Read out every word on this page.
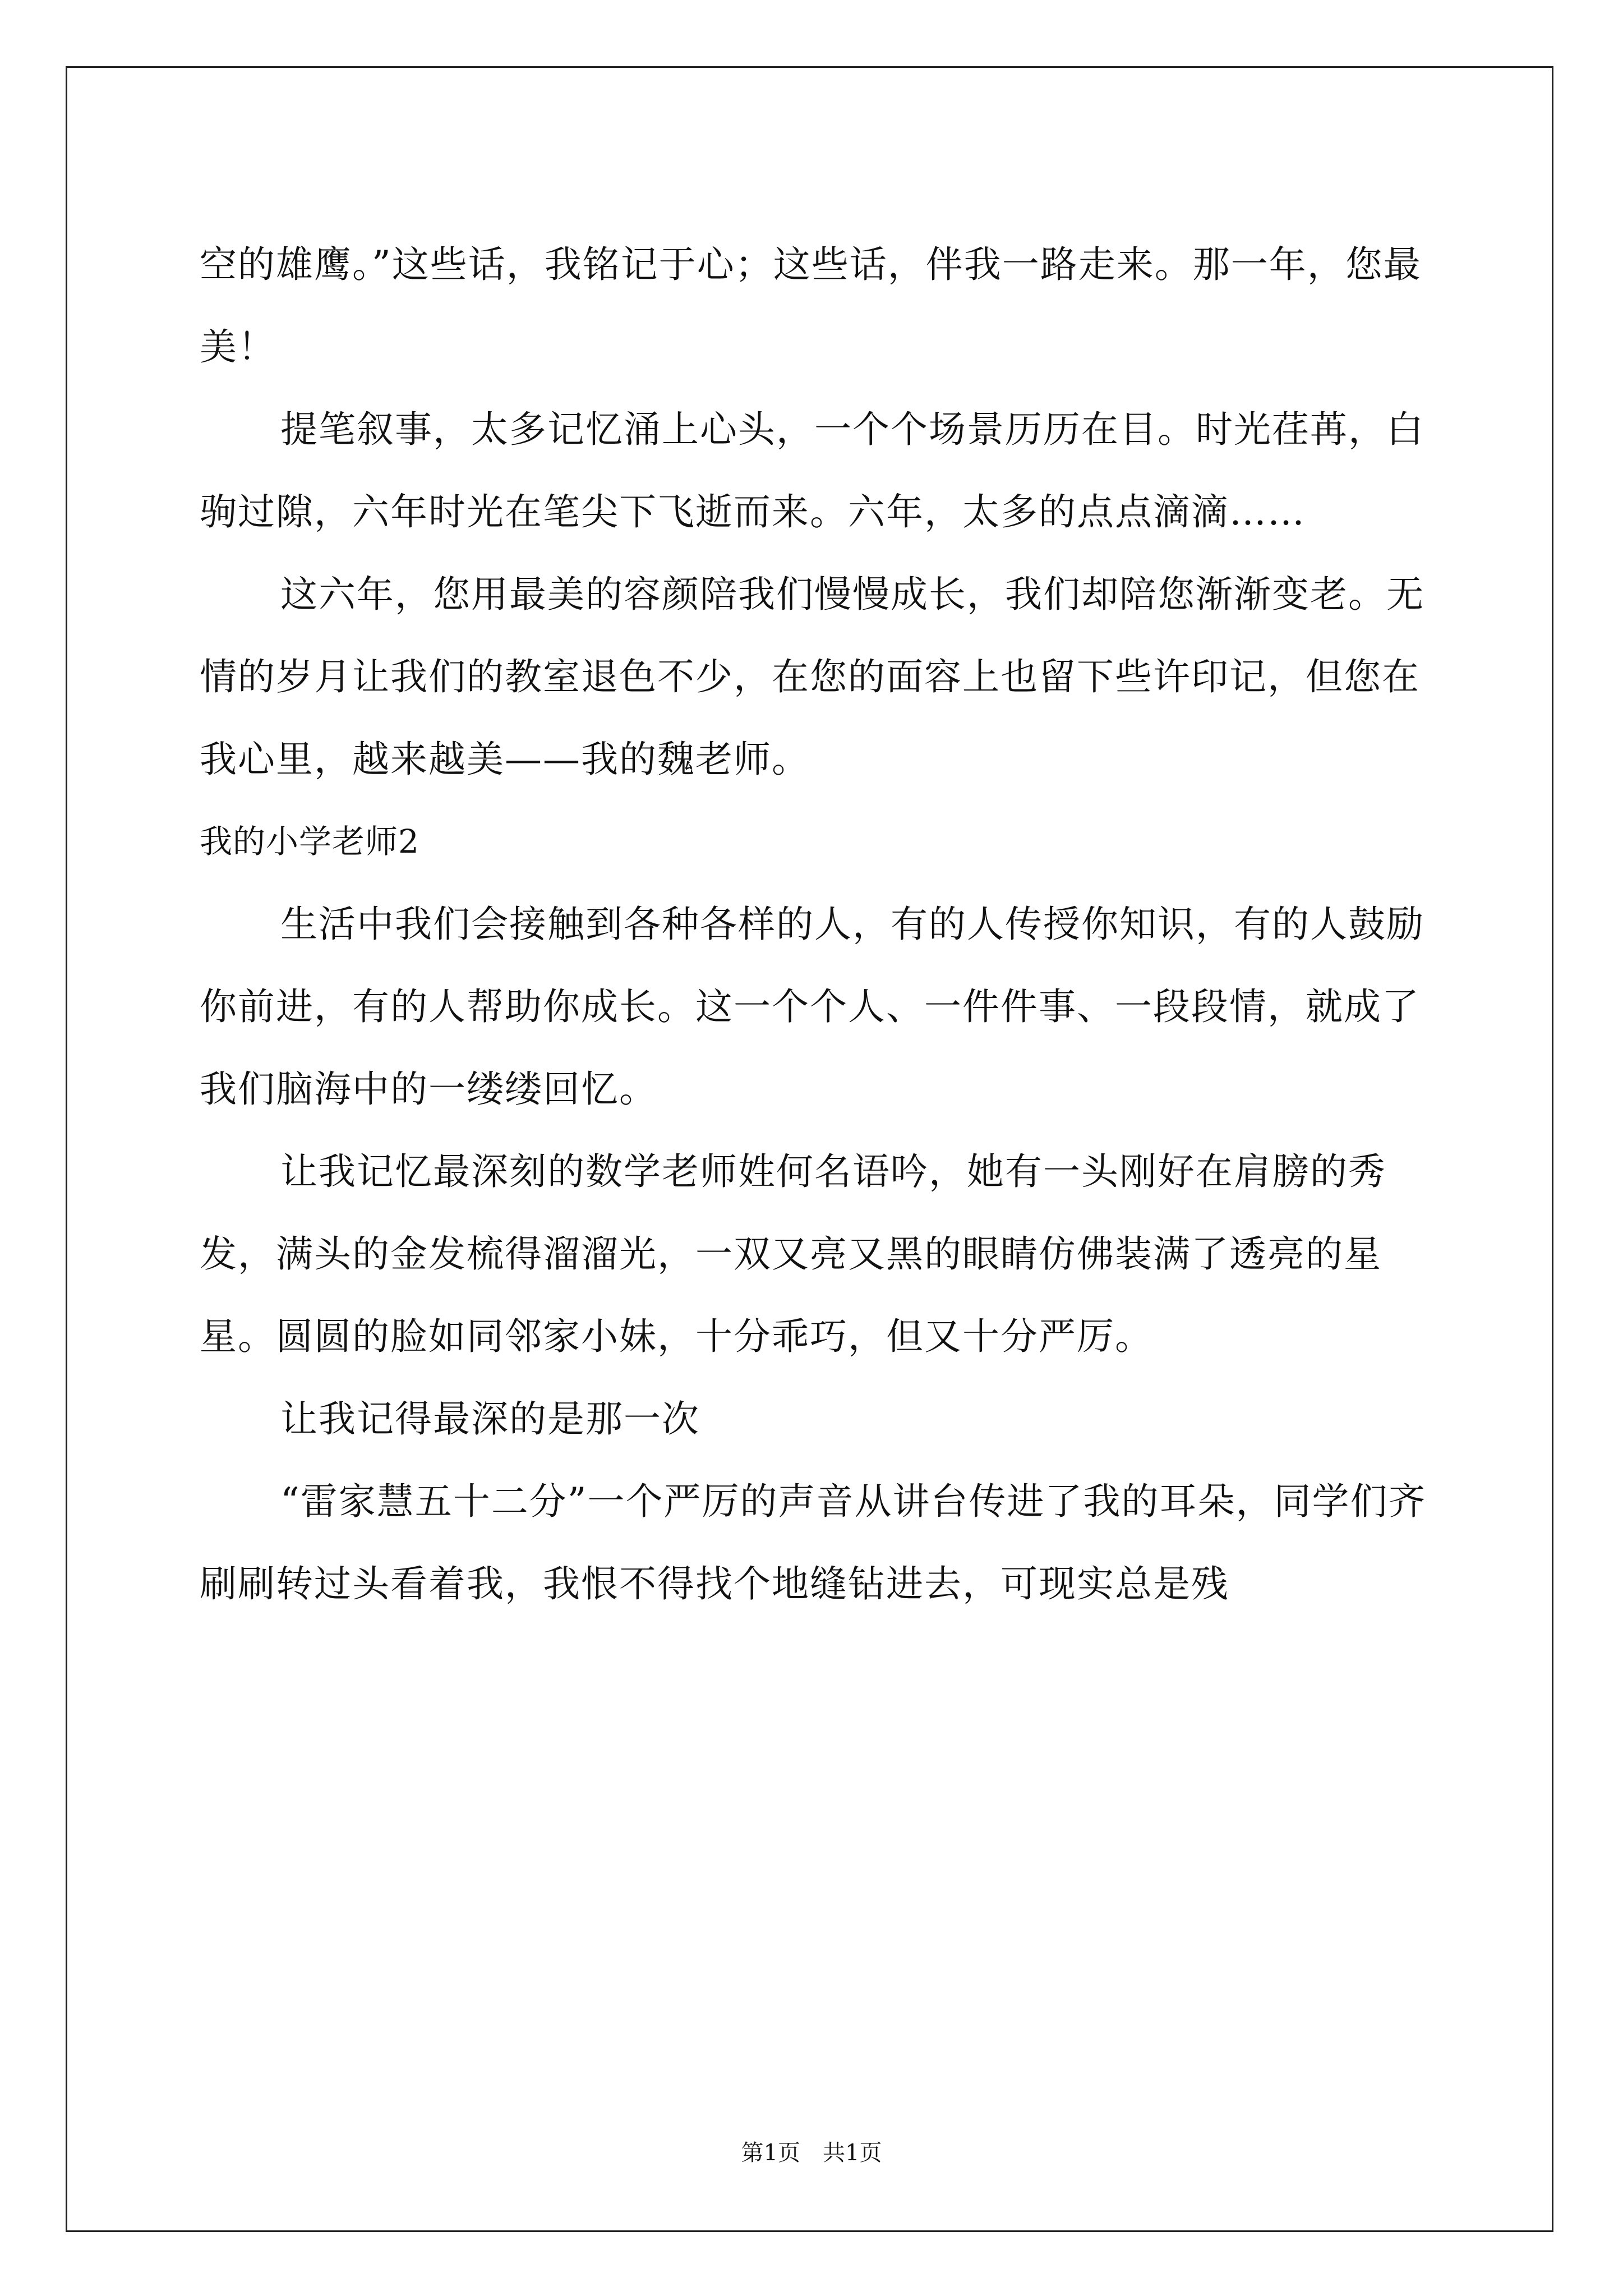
空的雄鹰。”这些话，我铭记于心；这些话，伴我一路走来。那一年，您最美！

提笔叙事，太多记忆涌上心头，一个个场景历历在目。时光荏苒，白驹过隙，六年时光在笔尖下飞逝而来。六年，太多的点点滴滴……

这六年，您用最美的容颜陪我们慢慢成长，我们却陪您渐渐变老。无情的岁月让我们的教室退色不少，在您的面容上也留下些许印记，但您在我心里，越来越美——我的魏老师。

我的小学老师2

生活中我们会接触到各种各样的人，有的人传授你知识，有的人鼓励你前进，有的人帮助你成长。这一个个人、一件件事、一段段情，就成了我们脑海中的一缕缕回忆。

让我记忆最深刻的数学老师姓何名语吟，她有一头刚好在肩膀的秀发，满头的金发梳得溜溜光，一双又亮又黑的眼睛仿佛装满了透亮的星星。圆圆的脸如同邻家小妹，十分乖巧，但又十分严厉。

让我记得最深的是那一次

“雷家慧五十二分”一个严厉的声音从讲台传进了我的耳朵，同学们齐刷刷转过头看着我，我恨不得找个地缝钻进去，可现实总是残

第1页　共1页
